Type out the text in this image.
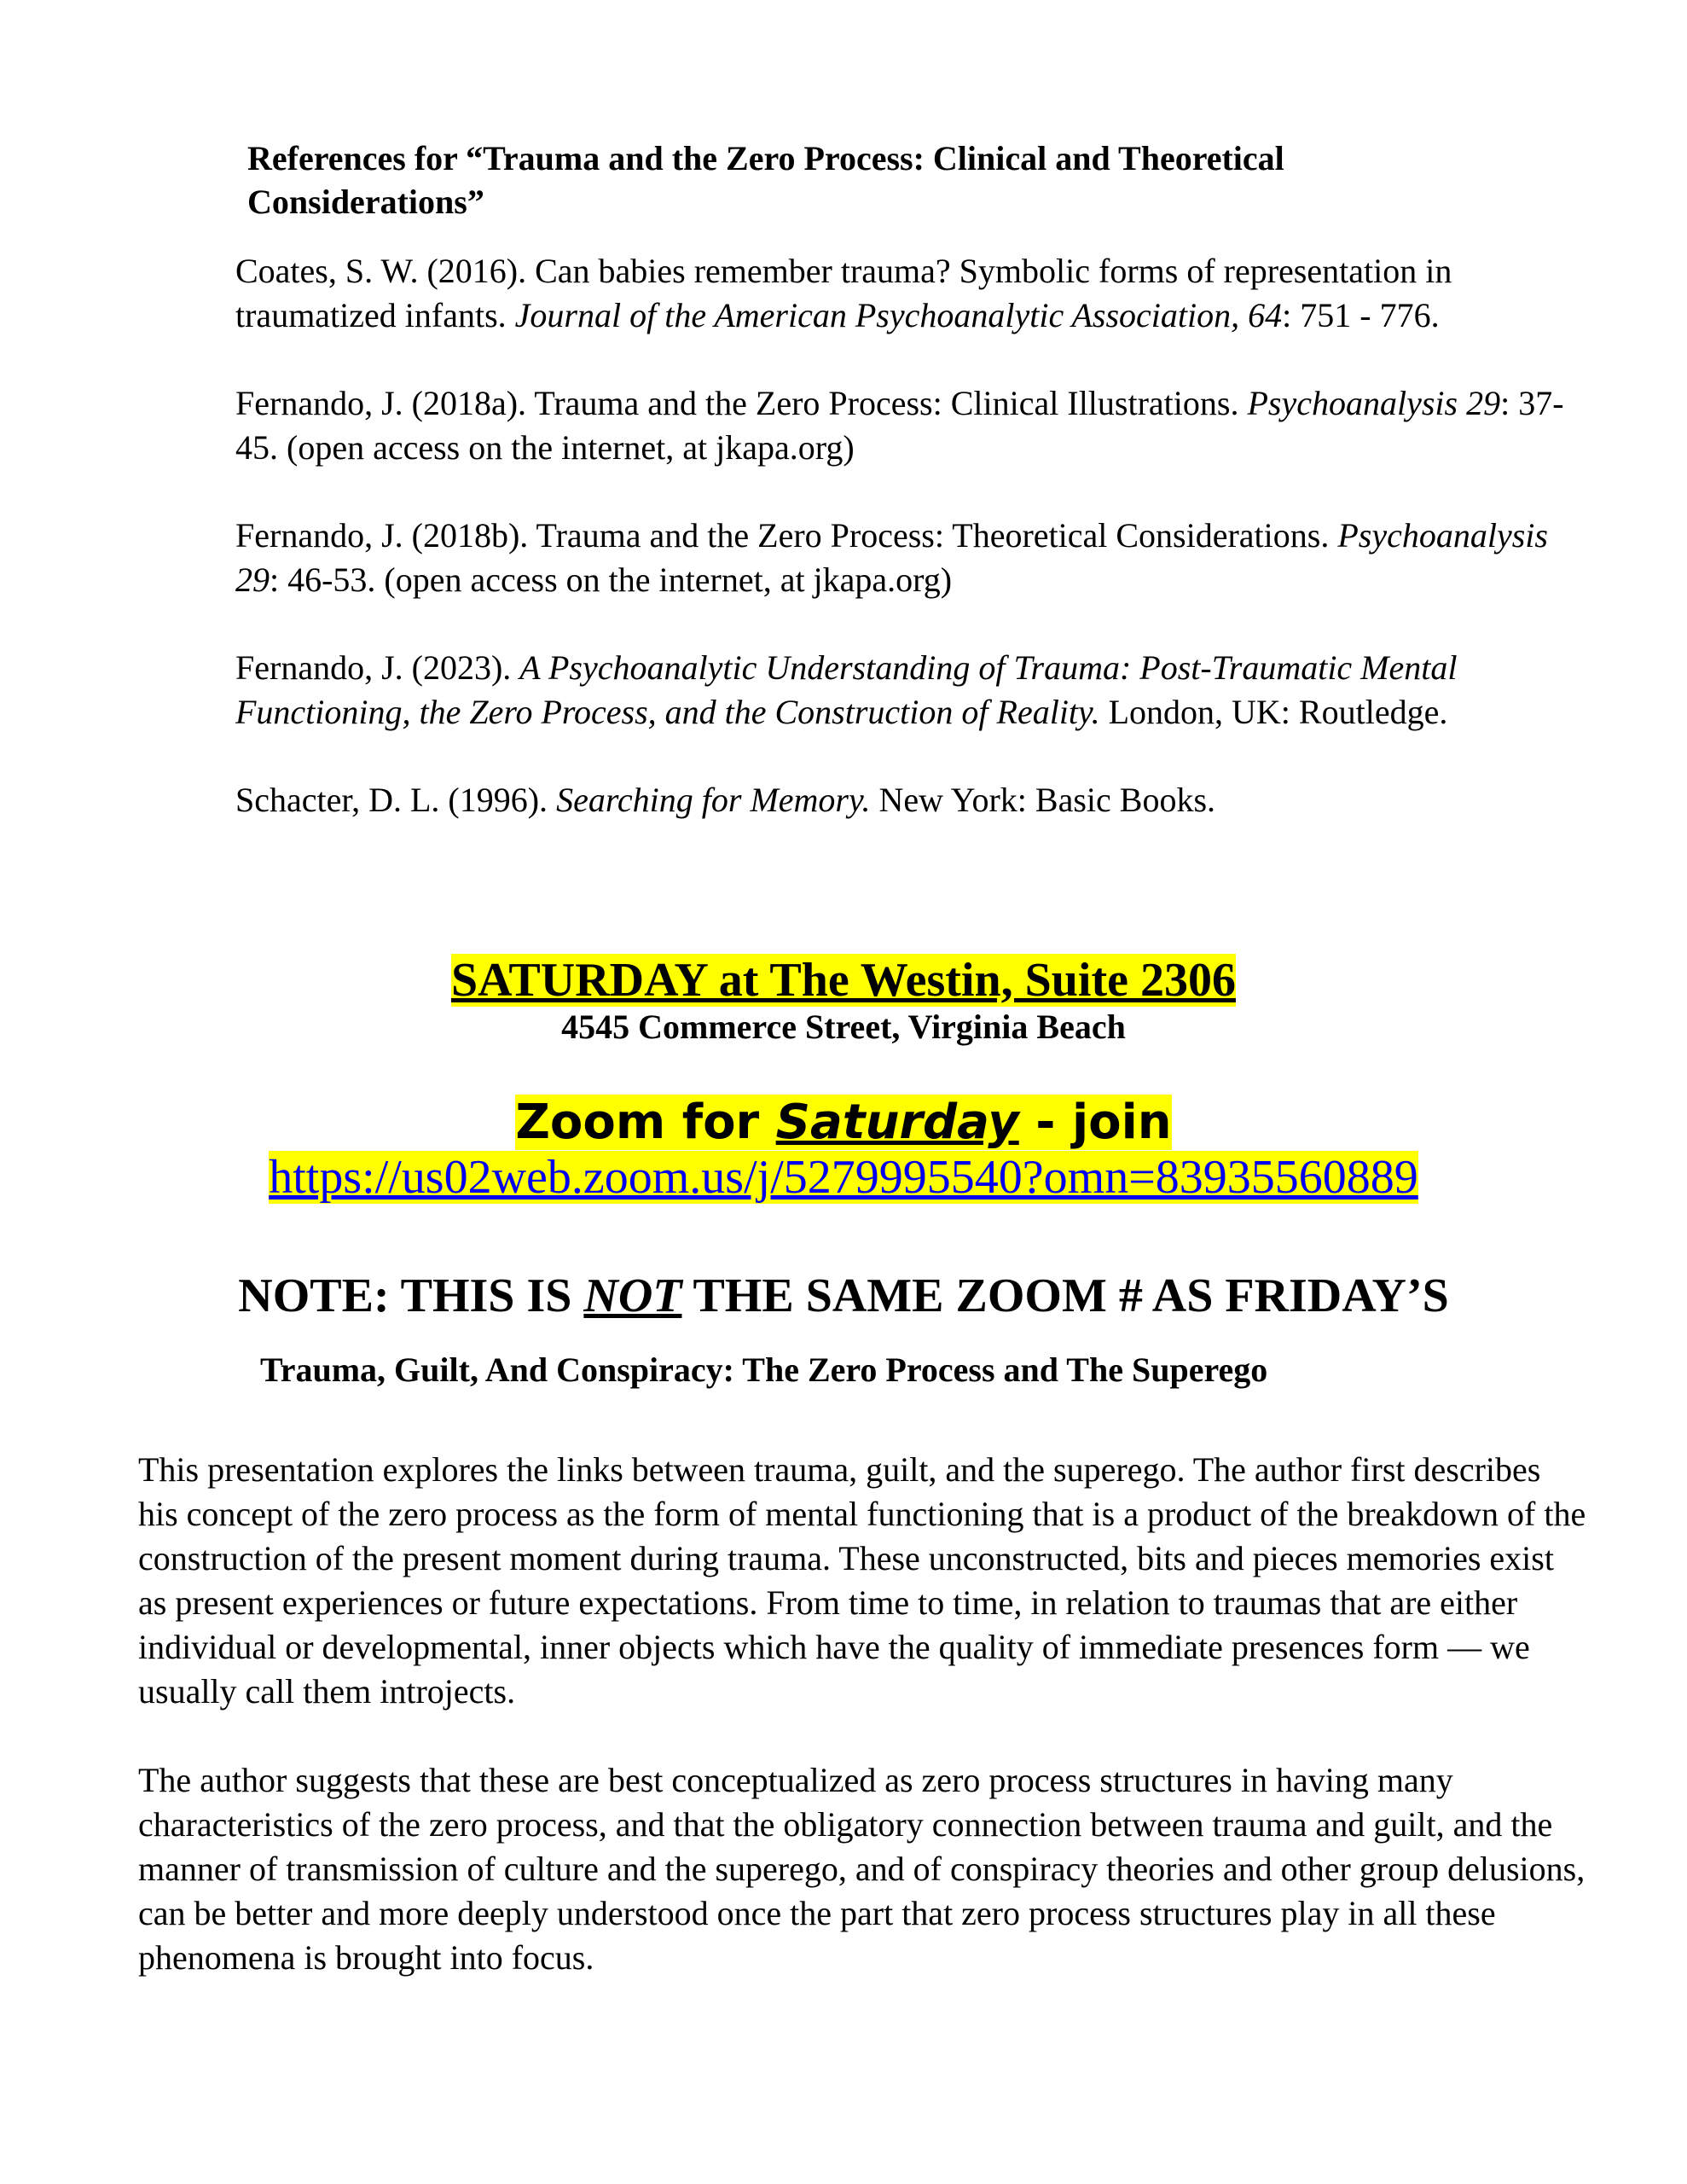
References for “Trauma and the Zero Process: Clinical and Theoretical
Considerations”

Coates, S. W. (2016). Can babies remember trauma? Symbolic forms of representation in traumatized infants. Journal of the American Psychoanalytic Association, 64: 751 - 776.

Fernando, J. (2018a). Trauma and the Zero Process: Clinical Illustrations. Psychoanalysis 29: 37- 45. (open access on the internet, at jkapa.org)

Fernando, J. (2018b). Trauma and the Zero Process: Theoretical Considerations. Psychoanalysis 29: 46-53. (open access on the internet, at jkapa.org)

Fernando, J. (2023). A Psychoanalytic Understanding of Trauma: Post-Traumatic Mental Functioning, the Zero Process, and the Construction of Reality. London, UK: Routledge.

Schacter, D. L. (1996). Searching for Memory. New York: Basic Books.

SATURDAY at The Westin, Suite 2306
4545 Commerce Street, Virginia Beach
Zoom for Saturday - join
https://us02web.zoom.us/j/5279995540?omn=83935560889
NOTE: THIS IS NOT THE SAME ZOOM # AS FRIDAY’S
Trauma, Guilt, And Conspiracy: The Zero Process and The Superego

This presentation explores the links between trauma, guilt, and the superego. The author first describes his concept of the zero process as the form of mental functioning that is a product of the breakdown of the construction of the present moment during trauma. These unconstructed, bits and pieces memories exist as present experiences or future expectations. From time to time, in relation to traumas that are either individual or developmental, inner objects which have the quality of immediate presences form — we usually call them introjects.

The author suggests that these are best conceptualized as zero process structures in having many characteristics of the zero process, and that the obligatory connection between trauma and guilt, and the manner of transmission of culture and the superego, and of conspiracy theories and other group delusions, can be better and more deeply understood once the part that zero process structures play in all these phenomena is brought into focus.
